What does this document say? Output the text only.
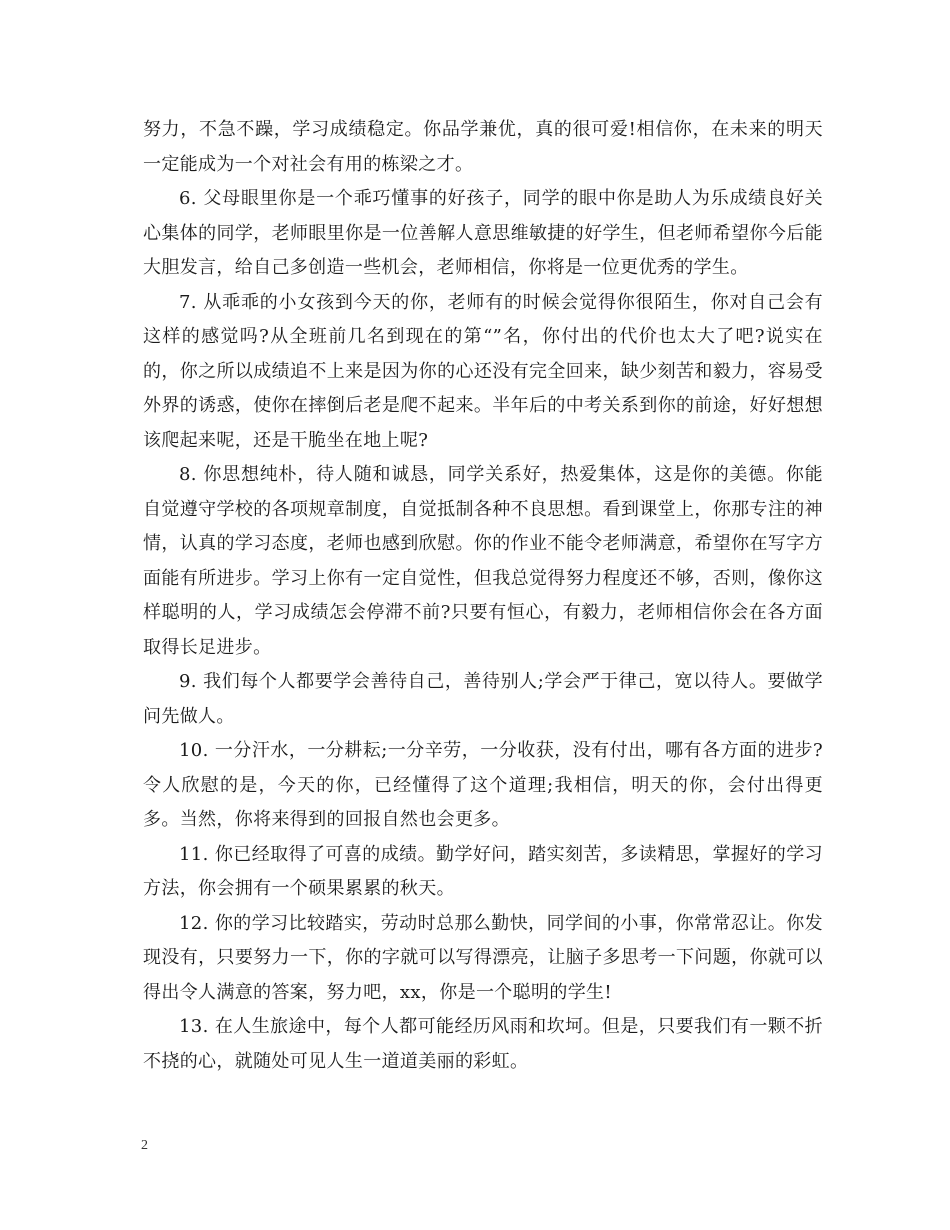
努力，不急不躁，学习成绩稳定。你品学兼优，真的很可爱!相信你，在未来的明天一定能成为一个对社会有用的栋梁之才。

6. 父母眼里你是一个乖巧懂事的好孩子，同学的眼中你是助人为乐成绩良好关心集体的同学，老师眼里你是一位善解人意思维敏捷的好学生，但老师希望你今后能大胆发言，给自己多创造一些机会，老师相信，你将是一位更优秀的学生。

7. 从乖乖的小女孩到今天的你，老师有的时候会觉得你很陌生，你对自己会有这样的感觉吗?从全班前几名到现在的第“”名，你付出的代价也太大了吧?说实在的，你之所以成绩追不上来是因为你的心还没有完全回来，缺少刻苦和毅力，容易受外界的诱惑，使你在摔倒后老是爬不起来。半年后的中考关系到你的前途，好好想想该爬起来呢，还是干脆坐在地上呢?

8. 你思想纯朴，待人随和诚恳，同学关系好，热爱集体，这是你的美德。你能自觉遵守学校的各项规章制度，自觉抵制各种不良思想。看到课堂上，你那专注的神情，认真的学习态度，老师也感到欣慰。你的作业不能令老师满意，希望你在写字方面能有所进步。学习上你有一定自觉性，但我总觉得努力程度还不够，否则，像你这样聪明的人，学习成绩怎会停滞不前?只要有恒心，有毅力，老师相信你会在各方面取得长足进步。

9. 我们每个人都要学会善待自己，善待别人;学会严于律己，宽以待人。要做学问先做人。

10. 一分汗水，一分耕耘;一分辛劳，一分收获，没有付出，哪有各方面的进步?令人欣慰的是，今天的你，已经懂得了这个道理;我相信，明天的你，会付出得更多。当然，你将来得到的回报自然也会更多。

11. 你已经取得了可喜的成绩。勤学好问，踏实刻苦，多读精思，掌握好的学习方法，你会拥有一个硕果累累的秋天。

12. 你的学习比较踏实，劳动时总那么勤快，同学间的小事，你常常忍让。你发现没有，只要努力一下，你的字就可以写得漂亮，让脑子多思考一下问题，你就可以得出令人满意的答案，努力吧，xx，你是一个聪明的学生!

13. 在人生旅途中，每个人都可能经历风雨和坎坷。但是，只要我们有一颗不折不挠的心，就随处可见人生一道道美丽的彩虹。

2
